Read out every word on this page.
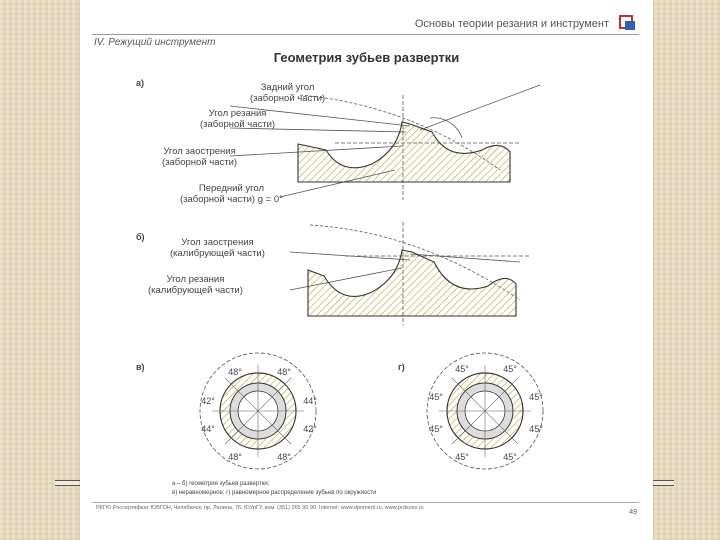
Основы теории резания и инструмент
IV. Режущий инструмент
Геометрия зубьев развертки
48°	48°
42°	44°
44°	42°
48°	48°
45°	45°
45°	45°
45°	45°
45°	45°
а)
б)
в)	г)
Задний угол
(заборной части)
Угол резания
(заборной части)
Угол заострения
(заборной части)
Передний угол
(заборной части) g = 0°
Угол заострения
(калибрующей части)
Угол резания
(калибрующей части)
а – б) геометрия зубьев развертки;
в) неравномерное; г) равномерное распределение зубьев по окружности
РКГЮ Россертифкат ЮВГОН, Челябинск, пр. Ленина, 76, ЮУрГУ, ком. (351) 265 90 90, Internet: www.dpoment.ru, www.prdsoxs.ru
49
